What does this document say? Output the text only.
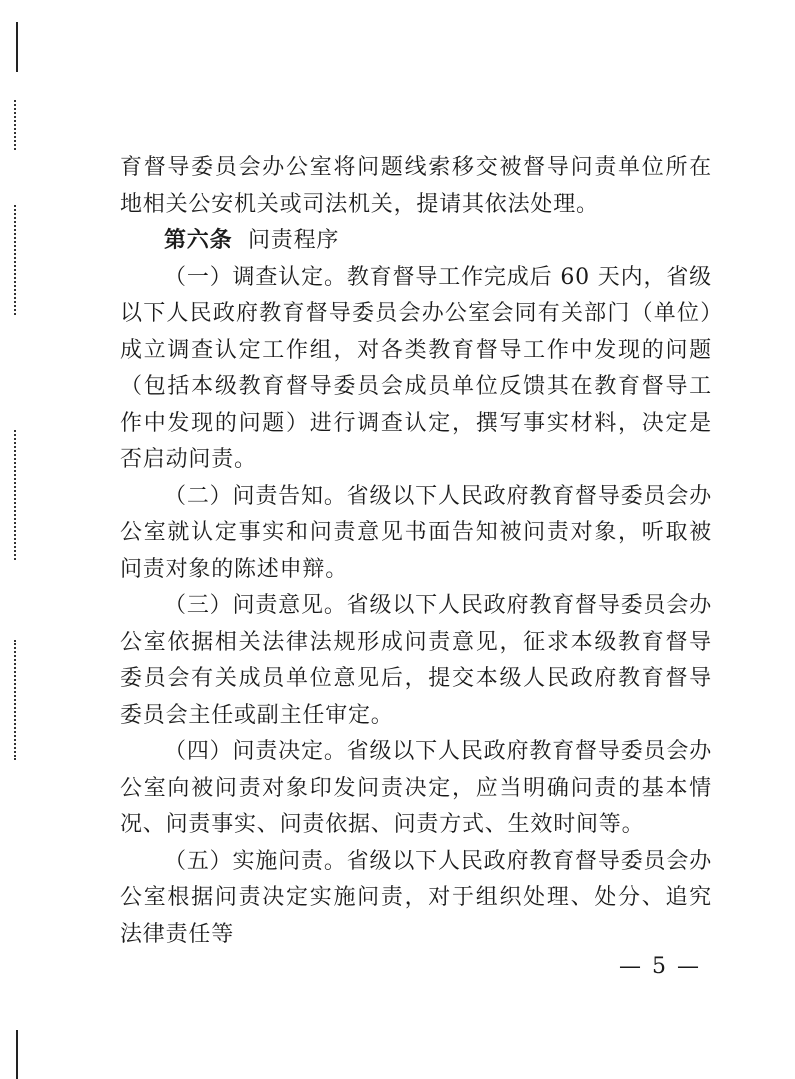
育督导委员会办公室将问题线索移交被督导问责单位所在地相关公安机关或司法机关，提请其依法处理。

第六条 问责程序

（一）调查认定。教育督导工作完成后 60 天内，省级以下人民政府教育督导委员会办公室会同有关部门（单位）成立调查认定工作组，对各类教育督导工作中发现的问题（包括本级教育督导委员会成员单位反馈其在教育督导工作中发现的问题）进行调查认定，撰写事实材料，决定是否启动问责。

（二）问责告知。省级以下人民政府教育督导委员会办公室就认定事实和问责意见书面告知被问责对象，听取被问责对象的陈述申辩。

（三）问责意见。省级以下人民政府教育督导委员会办公室依据相关法律法规形成问责意见，征求本级教育督导委员会有关成员单位意见后，提交本级人民政府教育督导委员会主任或副主任审定。

（四）问责决定。省级以下人民政府教育督导委员会办公室向被问责对象印发问责决定，应当明确问责的基本情况、问责事实、问责依据、问责方式、生效时间等。

（五）实施问责。省级以下人民政府教育督导委员会办公室根据问责决定实施问责，对于组织处理、处分、追究法律责任等

— 5 —
